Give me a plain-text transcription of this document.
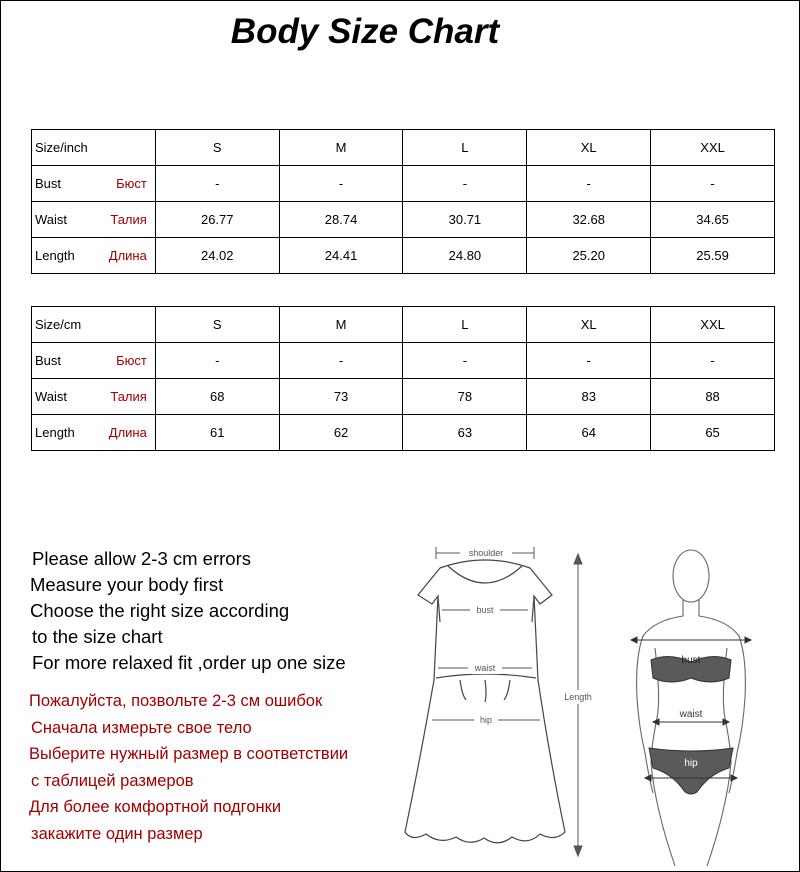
Body Size Chart
Size/inch	S	M	L	XL	XXL

Bust Бюст	-	-	-	-	-

Waist Талия	26.77	28.74	30.71	32.68	34.65

Length Длина	24.02	24.41	24.80	25.20	25.59
Size/cm	S	M	L	XL	XXL

Bust Бюст	-	-	-	-	-

Waist Талия	68	73	78	83	88

Length Длина	61	62	63	64	65
Please allow 2-3 cm errors
Measure your body first
Choose the right size according
to the size chart
For more relaxed fit ,order up one size
Пожалуйста, позвольте 2-3 см ошибок
Сначала измерьте свое тело
Выберите нужный размер в соответствии
с таблицей размеров
Для более комфортной подгонки
закажите один размер
shoulder
bust
waist
hip
Length
bust
waist
hip
